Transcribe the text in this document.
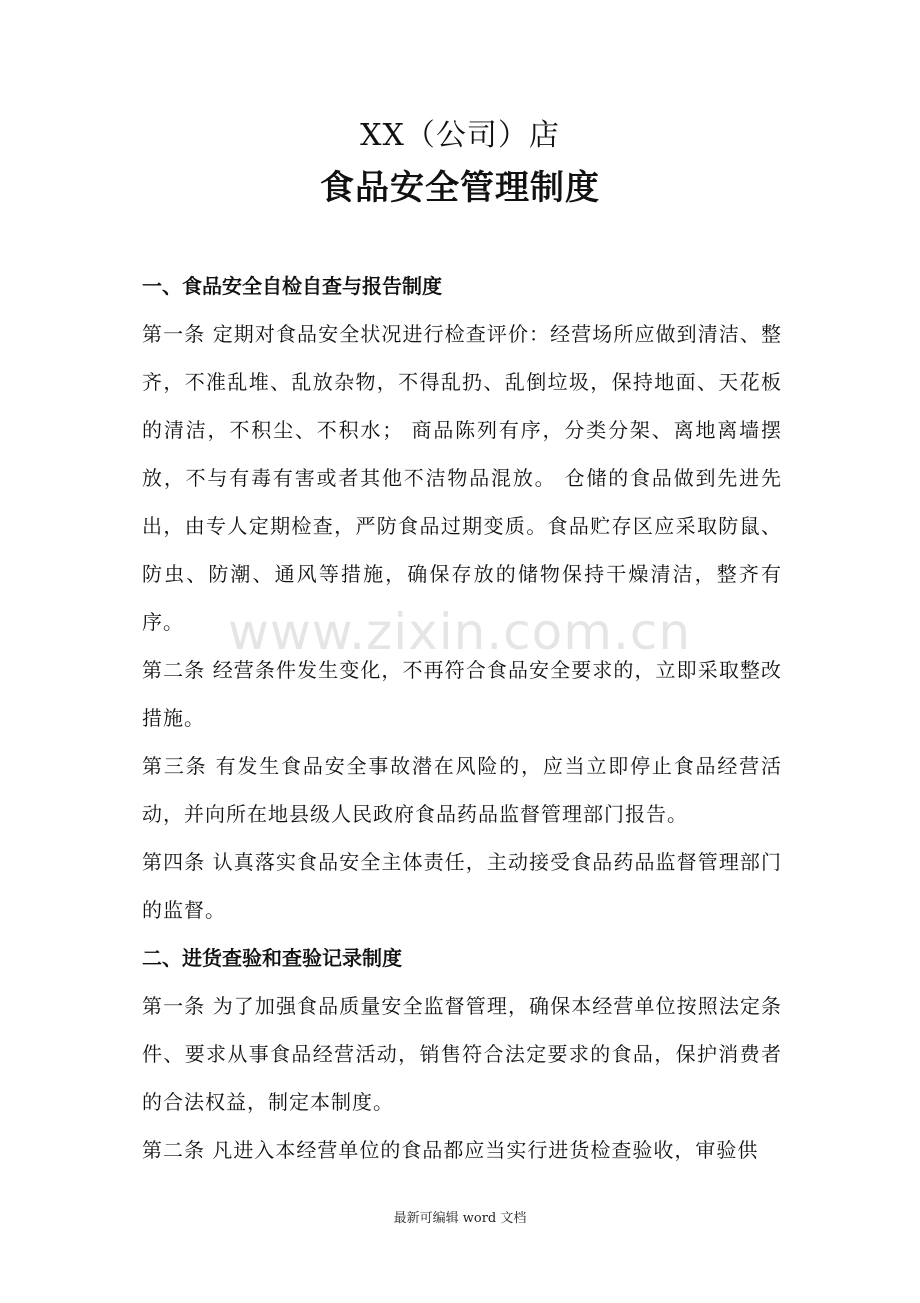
XX（公司）店
食品安全管理制度

一、食品安全自检自查与报告制度

第一条 定期对食品安全状况进行检查评价：经营场所应做到清洁、整齐，不准乱堆、乱放杂物，不得乱扔、乱倒垃圾，保持地面、天花板的清洁，不积尘、不积水； 商品陈列有序，分类分架、离地离墙摆放，不与有毒有害或者其他不洁物品混放。 仓储的食品做到先进先出，由专人定期检查，严防食品过期变质。食品贮存区应采取防鼠、防虫、防潮、通风等措施，确保存放的储物保持干燥清洁，整齐有序。

第二条 经营条件发生变化，不再符合食品安全要求的，立即采取整改措施。

第三条 有发生食品安全事故潜在风险的，应当立即停止食品经营活动，并向所在地县级人民政府食品药品监督管理部门报告。

第四条 认真落实食品安全主体责任，主动接受食品药品监督管理部门的监督。

二、进货查验和查验记录制度

第一条 为了加强食品质量安全监督管理，确保本经营单位按照法定条件、要求从事食品经营活动，销售符合法定要求的食品，保护消费者的合法权益，制定本制度。

第二条 凡进入本经营单位的食品都应当实行进货检查验收，审验供

www.zixin.com.cn
最新可编辑 word 文档
